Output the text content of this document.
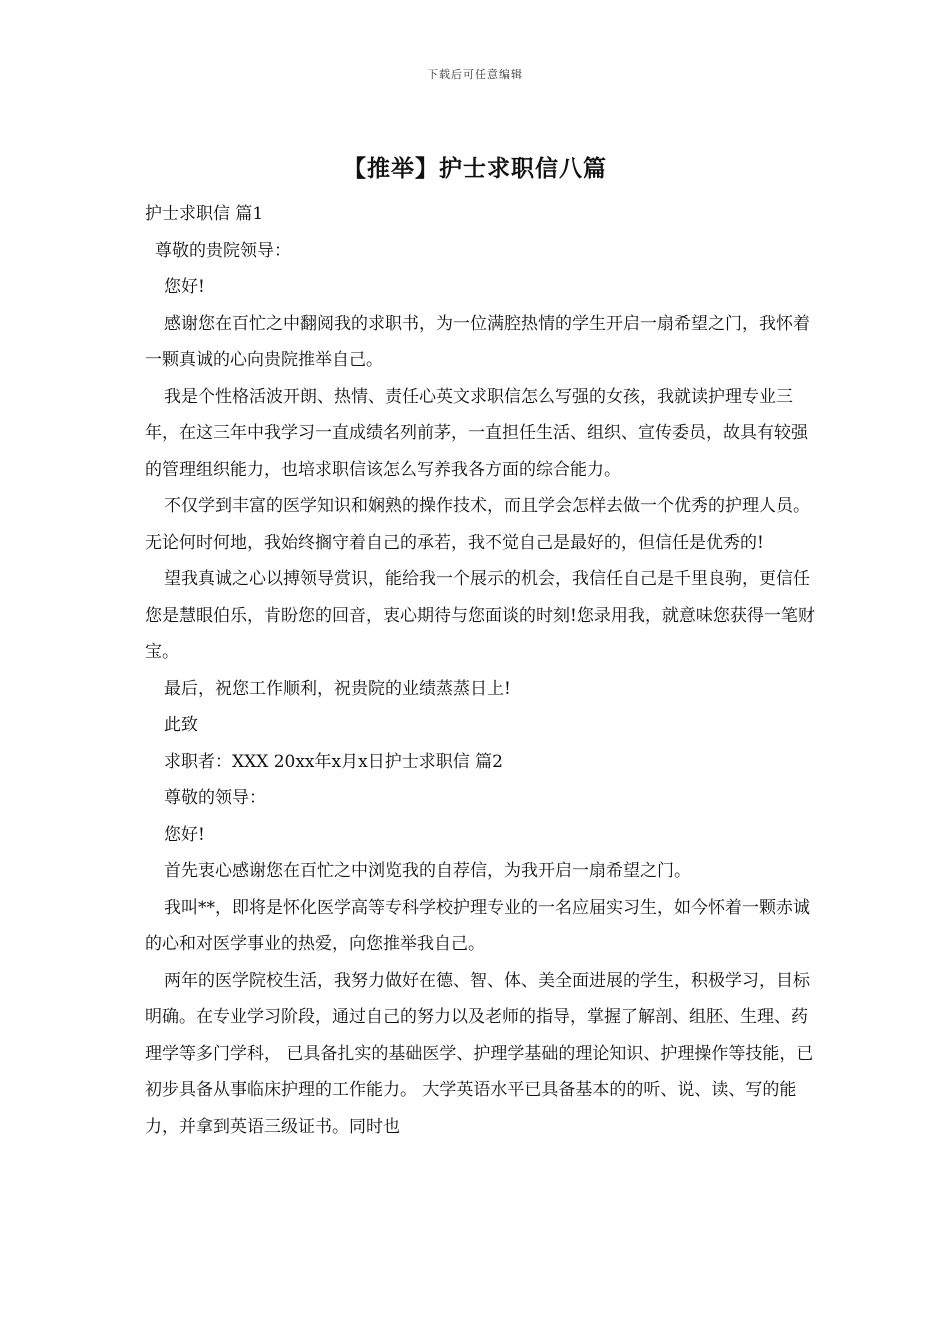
下载后可任意编辑
【推举】护士求职信八篇

护士求职信 篇1

尊敬的贵院领导：

您好!

感谢您在百忙之中翻阅我的求职书，为一位满腔热情的学生开启一扇希望之门，我怀着一颗真诚的心向贵院推举自己。

我是个性格活波开朗、热情、责任心英文求职信怎么写强的女孩，我就读护理专业三年，在这三年中我学习一直成绩名列前茅，一直担任生活、组织、宣传委员，故具有较强的管理组织能力，也培求职信该怎么写养我各方面的综合能力。

不仅学到丰富的医学知识和娴熟的操作技术，而且学会怎样去做一个优秀的护理人员。无论何时何地，我始终搁守着自己的承若，我不觉自己是最好的，但信任是优秀的!

望我真诚之心以搏领导赏识，能给我一个展示的机会，我信任自己是千里良驹，更信任您是慧眼伯乐，肯盼您的回音，衷心期待与您面谈的时刻!您录用我，就意味您获得一笔财宝。

最后，祝您工作顺利，祝贵院的业绩蒸蒸日上!

此致

求职者：XXX 20xx年x月x日护士求职信 篇2

尊敬的领导：

您好!

首先衷心感谢您在百忙之中浏览我的自荐信，为我开启一扇希望之门。

我叫**，即将是怀化医学高等专科学校护理专业的一名应届实习生，如今怀着一颗赤诚的心和对医学事业的热爱，向您推举我自己。

两年的医学院校生活，我努力做好在德、智、体、美全面进展的学生，积极学习，目标明确。在专业学习阶段，通过自己的努力以及老师的指导，掌握了解剖、组胚、生理、药理学等多门学科， 已具备扎实的基础医学、护理学基础的理论知识、护理操作等技能，已初步具备从事临床护理的工作能力。 大学英语水平已具备基本的的听、说、读、写的能力，并拿到英语三级证书。同时也
